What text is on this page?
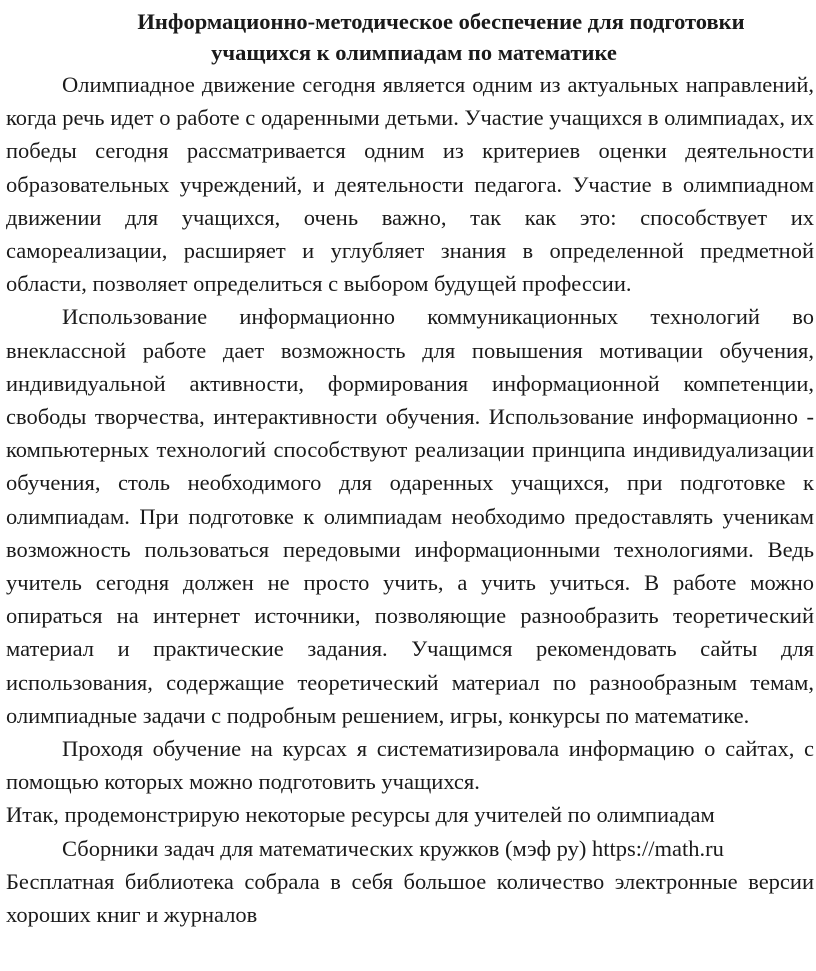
Информационно-методическое обеспечение для подготовки
учащихся к олимпиадам по математике

Олимпиадное движение сегодня является одним из актуальных направлений, когда речь идет о работе с одаренными детьми. Участие учащихся в олимпиадах, их победы сегодня рассматривается одним из критериев оценки деятельности образовательных учреждений, и деятельности педагога. Участие в олимпиадном движении для учащихся, очень важно, так как это: способствует их самореализации, расширяет и углубляет знания в определенной предметной области, позволяет определиться с выбором будущей профессии.

Использование информационно коммуникационных технологий во внеклассной работе дает возможность для повышения мотивации обучения, индивидуальной активности, формирования информационной компетенции, свободы творчества, интерактивности обучения. Использование информационно - компьютерных технологий способствуют реализации принципа индивидуализации обучения, столь необходимого для одаренных учащихся, при подготовке к олимпиадам. При подготовке к олимпиадам необходимо предоставлять ученикам возможность пользоваться передовыми информационными технологиями. Ведь учитель сегодня должен не просто учить, а учить учиться. В работе можно опираться на интернет источники, позволяющие разнообразить теоретический материал и практические задания. Учащимся рекомендовать сайты для использования, содержащие теоретический материал по разнообразным темам, олимпиадные задачи с подробным решением, игры, конкурсы по математике.

Проходя обучение на курсах я систематизировала информацию о сайтах, с помощью которых можно подготовить учащихся.

Итак, продемонстрирую некоторые ресурсы для учителей по олимпиадам

Сборники задач для математических кружков (мэф ру) https://math.ru

Бесплатная библиотека собрала в себя большое количество электронные версии хороших книг и журналов
